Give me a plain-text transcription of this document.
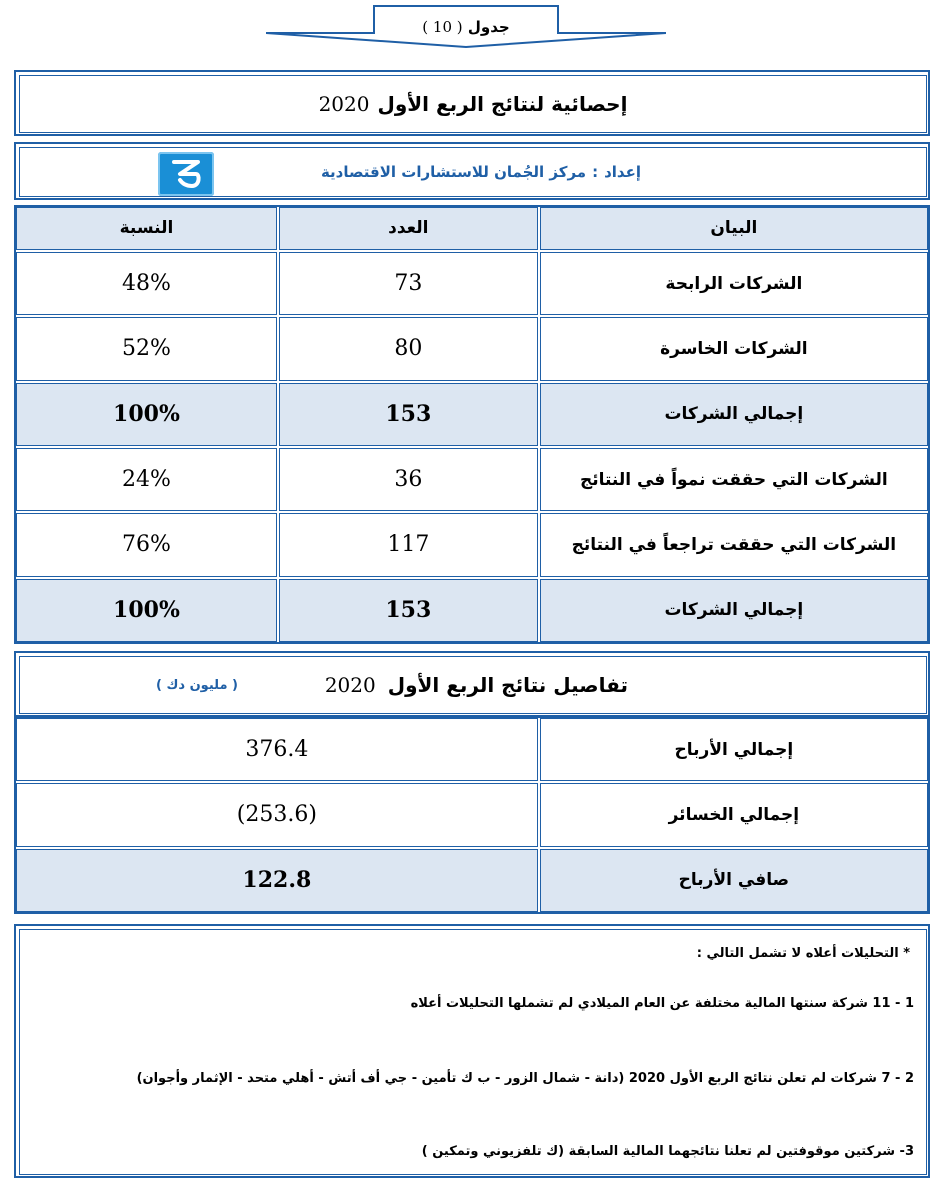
جدول ( 10 )
إحصائية لنتائج الربع الأول
2020
إعداد
:
مركز الجُمان للاستشارات الاقتصادية
النسبة	العدد	البيان
48%	73	الشركات الرابحة
52%	80	الشركات الخاسرة
100%	153	إجمالي الشركات
24%	36	الشركات التي حققت نمواً في النتائج
76%	117	الشركات التي حققت تراجعاً في النتائج
100%	153	إجمالي الشركات
تفاصيل نتائج الربع الأول
2020
( مليون دك )
376.4	إجمالي الأرباح
(253.6)	إجمالي الخسائر
122.8	صافي الأرباح
* التحليلات أعلاه لا تشمل التالي :
1 - 11 شركة سنتها المالية مختلفة عن العام الميلادي لم تشملها التحليلات أعلاه
2 - 7 شركات لم تعلن نتائج الربع الأول 2020 (دانة - شمال الزور - ب ك تأمين - جي أف أتش - أهلي متحد - الإثمار وأجوان)
3- شركتين موقوفتين لم تعلنا نتائجهما المالية السابقة (ك تلفزيوني وتمكين )
